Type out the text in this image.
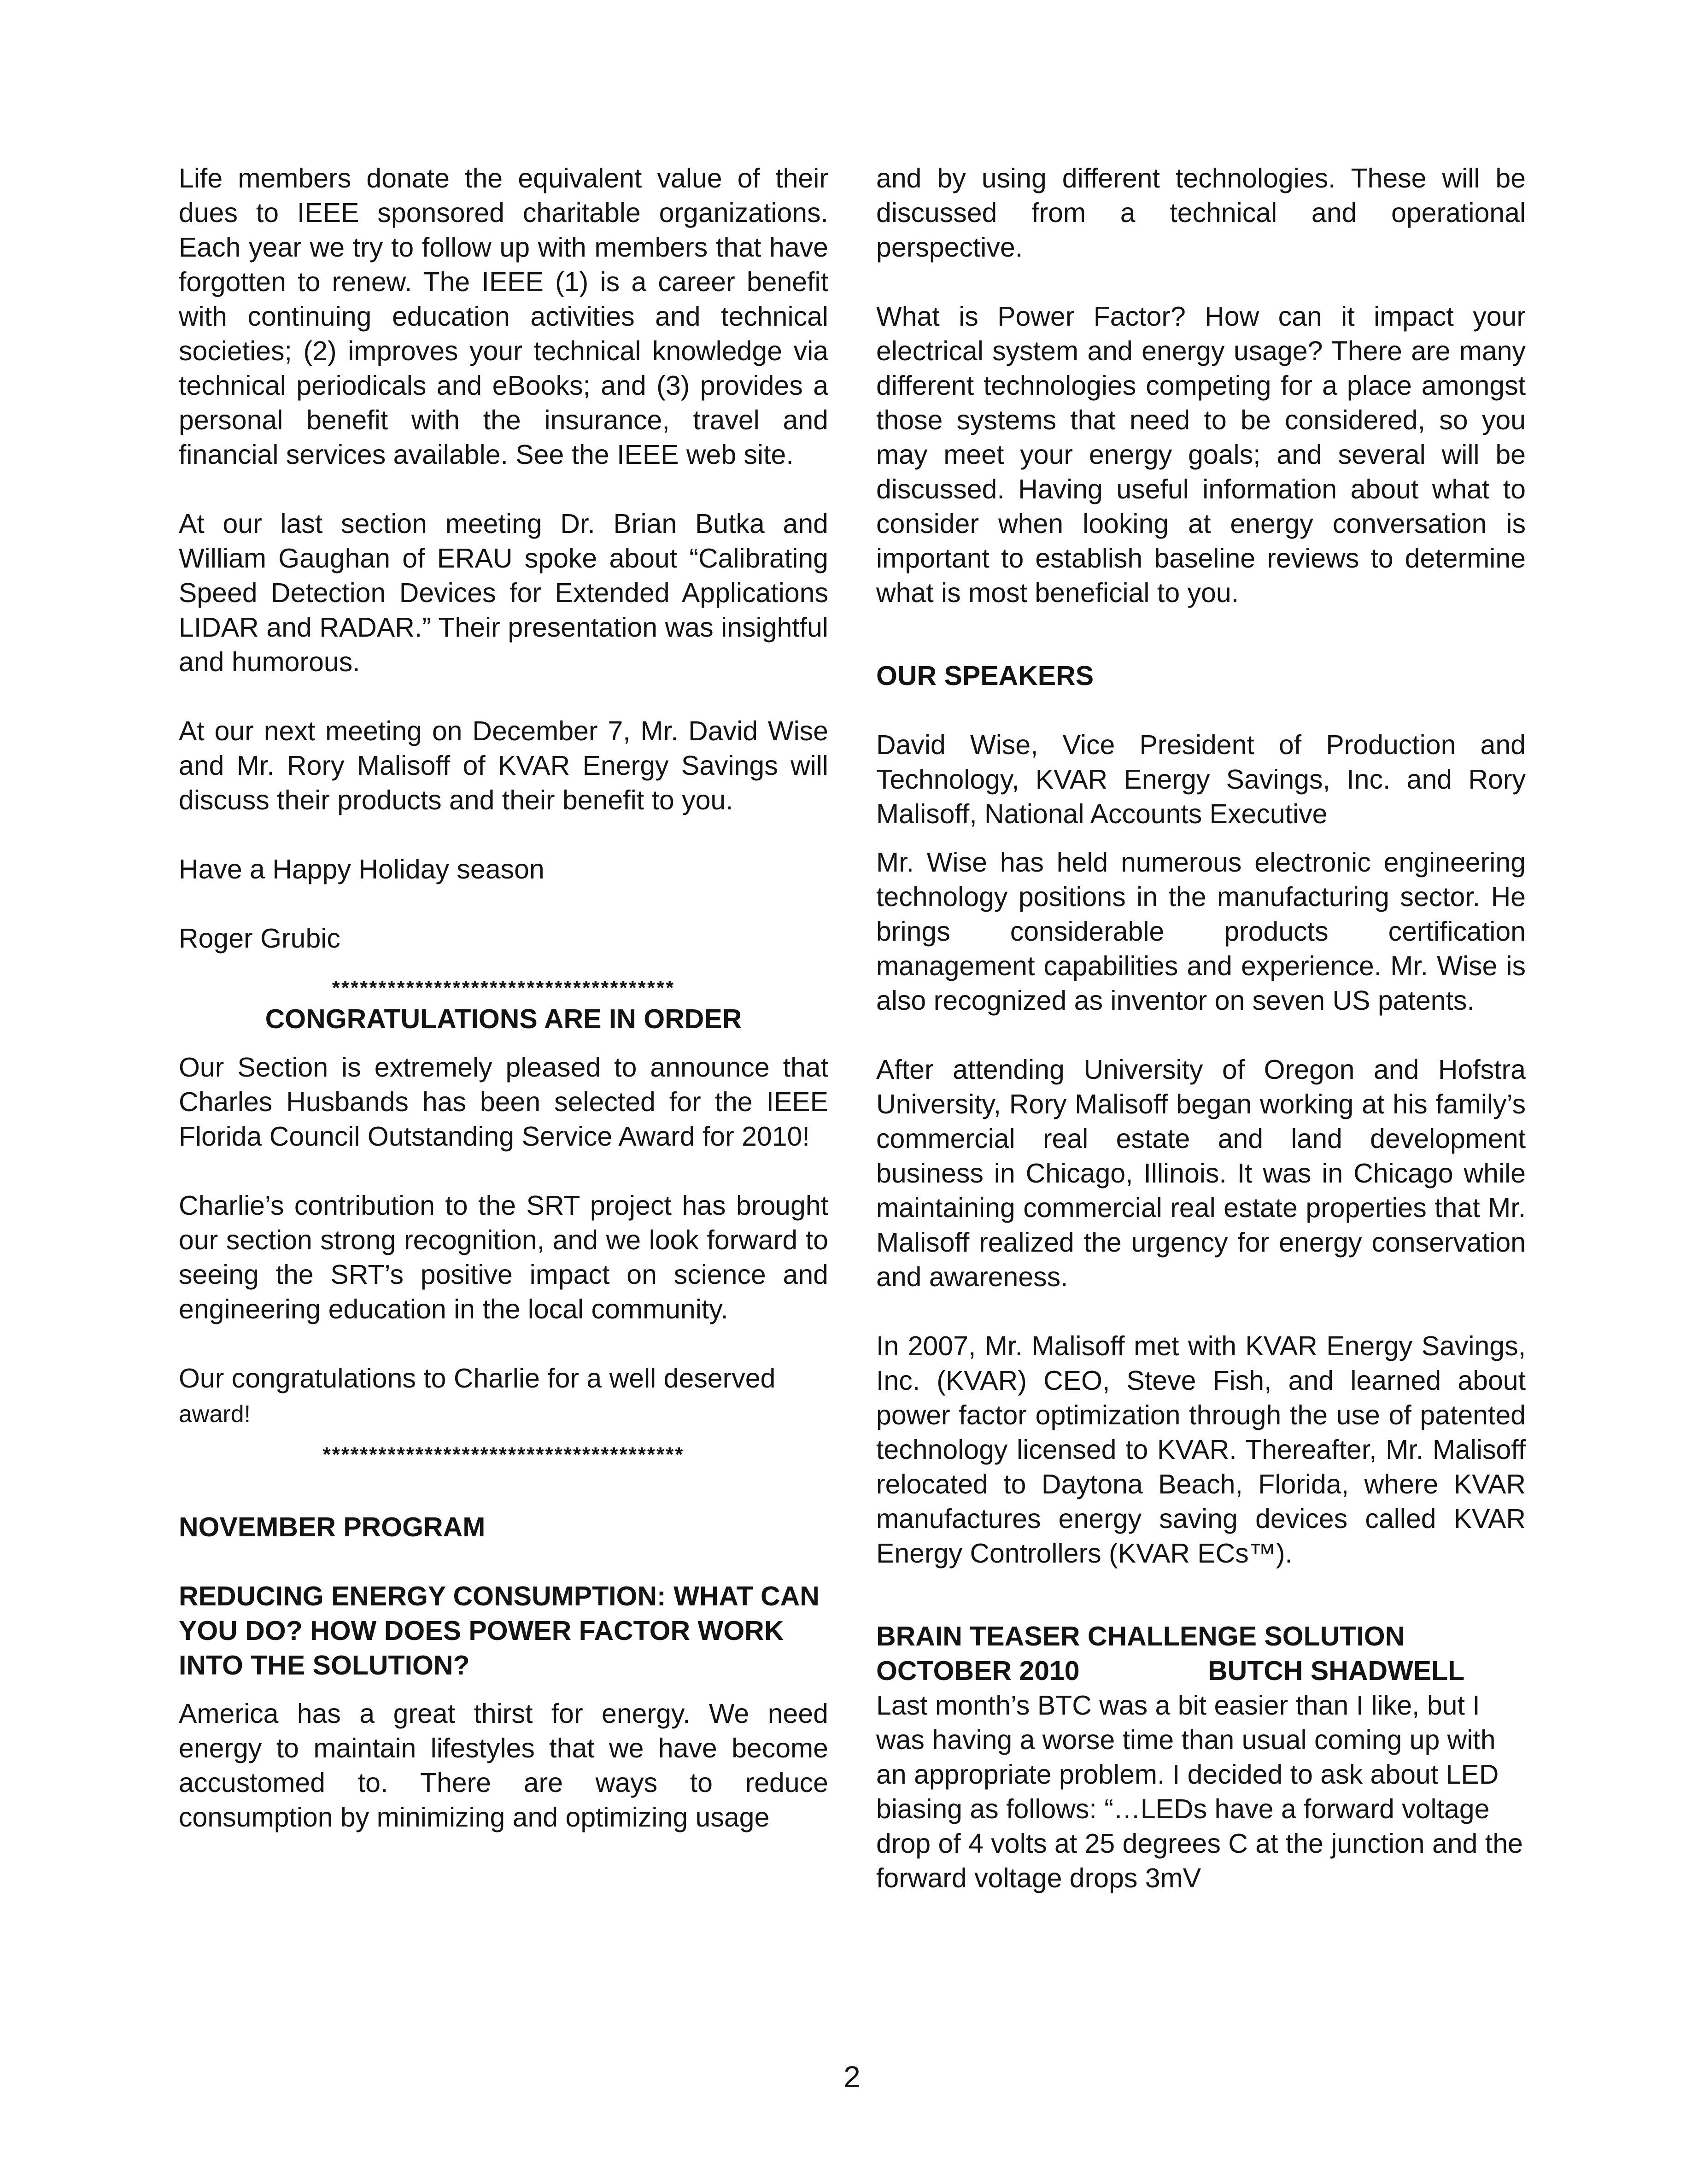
Life members donate the equivalent value of their dues to IEEE sponsored charitable organizations. Each year we try to follow up with members that have forgotten to renew. The IEEE (1) is a career benefit with continuing education activities and technical societies; (2) improves your technical knowledge via technical periodicals and eBooks; and (3) provides a personal benefit with the insurance, travel and financial services available. See the IEEE web site.

At our last section meeting Dr. Brian Butka and William Gaughan of ERAU spoke about “Calibrating Speed Detection Devices for Extended Applications LIDAR and RADAR.” Their presentation was insightful and humorous.

At our next meeting on December 7, Mr. David Wise and Mr. Rory Malisoff of KVAR Energy Savings will discuss their products and their benefit to you.

Have a Happy Holiday season

Roger Grubic

*************************************

CONGRATULATIONS ARE IN ORDER

Our Section is extremely pleased to announce that Charles Husbands has been selected for the IEEE Florida Council Outstanding Service Award for 2010!

Charlie’s contribution to the SRT project has brought our section strong recognition, and we look forward to seeing the SRT’s positive impact on science and engineering education in the local community.

Our congratulations to Charlie for a well deserved
award!

***************************************

NOVEMBER PROGRAM

REDUCING ENERGY CONSUMPTION: WHAT CAN YOU DO? HOW DOES POWER FACTOR WORK INTO THE SOLUTION?

America has a great thirst for energy. We need energy to maintain lifestyles that we have become accustomed to. There are ways to reduce consumption by minimizing and optimizing usage

and by using different technologies. These will be discussed from a technical and operational perspective.

What is Power Factor? How can it impact your electrical system and energy usage? There are many different technologies competing for a place amongst those systems that need to be considered, so you may meet your energy goals; and several will be discussed. Having useful information about what to consider when looking at energy conversation is important to establish baseline reviews to determine what is most beneficial to you.

OUR SPEAKERS

David Wise, Vice President of Production and Technology, KVAR Energy Savings, Inc. and Rory Malisoff, National Accounts Executive

Mr. Wise has held numerous electronic engineering technology positions in the manufacturing sector. He brings considerable products certification management capabilities and experience. Mr. Wise is also recognized as inventor on seven US patents.

After attending University of Oregon and Hofstra University, Rory Malisoff began working at his family’s commercial real estate and land development business in Chicago, Illinois. It was in Chicago while maintaining commercial real estate properties that Mr. Malisoff realized the urgency for energy conservation and awareness.

In 2007, Mr. Malisoff met with KVAR Energy Savings, Inc. (KVAR) CEO, Steve Fish, and learned about power factor optimization through the use of patented technology licensed to KVAR. Thereafter, Mr. Malisoff relocated to Daytona Beach, Florida, where KVAR manufactures energy saving devices called KVAR Energy Controllers (KVAR ECs™).

BRAIN TEASER CHALLENGE SOLUTION
OCTOBER 2010	BUTCH SHADWELL

Last month’s BTC was a bit easier than I like, but I was having a worse time than usual coming up with an appropriate problem. I decided to ask about LED biasing as follows: “…LEDs have a forward voltage drop of 4 volts at 25 degrees C at the junction and the forward voltage drops 3mV

2
